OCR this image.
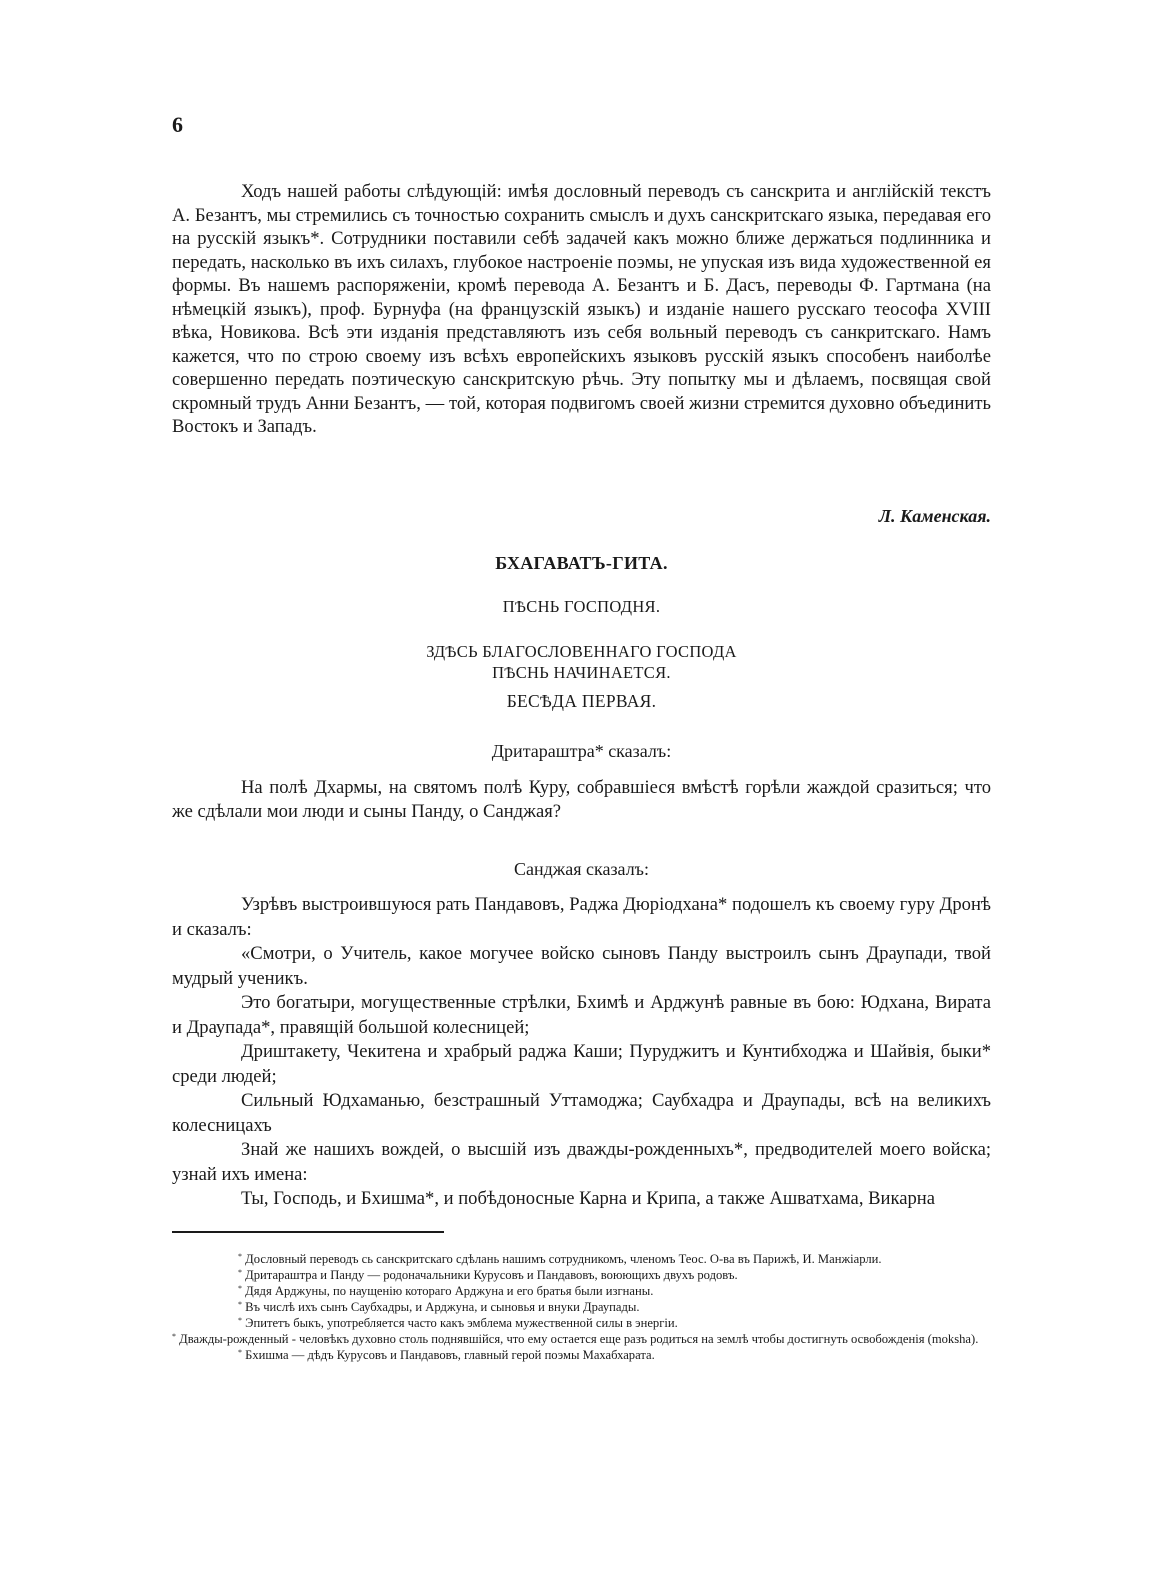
6

Ходъ нашей работы слѣдующій: имѣя дословный переводъ съ санскрита и англійскій текстъ А. Безантъ, мы стремились съ точностью сохранить смыслъ и духъ санскритскаго языка, передавая его на русскій языкъ*. Сотрудники поставили себѣ задачей какъ можно ближе держаться подлинника и передать, насколько въ ихъ силахъ, глубокое настроеніе поэмы, не упуская изъ вида художественной ея формы. Въ нашемъ распоряженіи, кромѣ перевода А. Безантъ и Б. Дасъ, переводы Ф. Гартмана (на нѣмецкій языкъ), проф. Бурнуфа (на французскій языкъ) и изданіе нашего русскаго теософа XVIII вѣка, Новикова. Всѣ эти изданія представляютъ изъ себя вольный переводъ съ санкритскаго. Намъ кажется, что по строю своему изъ всѣхъ европейскихъ языковъ русскій языкъ способенъ наиболѣе совершенно передать поэтическую санскритскую рѣчь. Эту попытку мы и дѣлаемъ, посвящая свой скромный трудъ Анни Безантъ, — той, которая подвигомъ своей жизни стремится духовно объединить Востокъ и Западъ.

Л. Каменская.
БХАГАВАТЪ-ГИТА.
ПѢСНЬ ГОСПОДНЯ.
ЗДѢСЬ БЛАГОСЛОВЕННАГО ГОСПОДА
ПѢСНЬ НАЧИНАЕТСЯ.
БЕСѢДА ПЕРВАЯ.
Дритараштра* сказалъ:

На полѣ Дхармы, на святомъ полѣ Куру, собравшiеся вмѣстѣ горѣли жаждой сразиться; что же сдѣлали мои люди и сыны Панду, о Санджая?

Санджая сказалъ:

Узрѣвъ выстроившуюся рать Пандавовъ, Раджа Дюріодхана* подошелъ къ своему гуру Дронѣ и сказалъ:

«Смотри, о Учитель, какое могучее войско сыновъ Панду выстроилъ сынъ Драупади, твой мудрый ученикъ.

Это богатыри, могущественные стрѣлки, Бхимѣ и Арджунѣ равные въ бою: Юдхана, Вирата и Драупада*, правящій большой колесницей;

Дриштакету, Чекитена и храбрый раджа Каши; Пуруджитъ и Кунтибходжа и Шайвія, быки* среди людей;

Сильный Юдхаманью, безстрашный Уттамоджа; Саубхадра и Драупады, всѣ на великихъ колесницахъ

Знай же нашихъ вождей, о высшій изъ дважды-рожденныхъ*, предводителей моего войска; узнай ихъ имена:

Ты, Господь, и Бхишма*, и побѣдоносные Карна и Крипа, а также Ашватхама, Викарна

* Дословный переводъ сь санскритскаго сдѣлань нашимъ сотрудникомъ, членомъ Теос. О-ва въ Парижѣ, И. Манжіарли.

* Дритараштра и Панду — родоначальники Курусовъ и Пандавовъ, воюющихъ двухъ родовъ.

* Дядя Арджуны, по наущенію котораго Арджуна и его братья были изгнаны.

* Въ числѣ ихъ сынъ Саубхадры, и Арджуна, и сыновья и внуки Драупады.

* Эпитетъ быкъ, употребляется часто какъ эмблема мужественной силы в энергіи.

* Дважды-рожденный - человѣкъ духовно столь поднявшійся, что ему остается еще разъ родиться на землѣ чтобы достигнуть освобожденія (moksha).

* Бхишма — дѣдъ Курусовъ и Пандавовъ, главный герой поэмы Махабхарата.
